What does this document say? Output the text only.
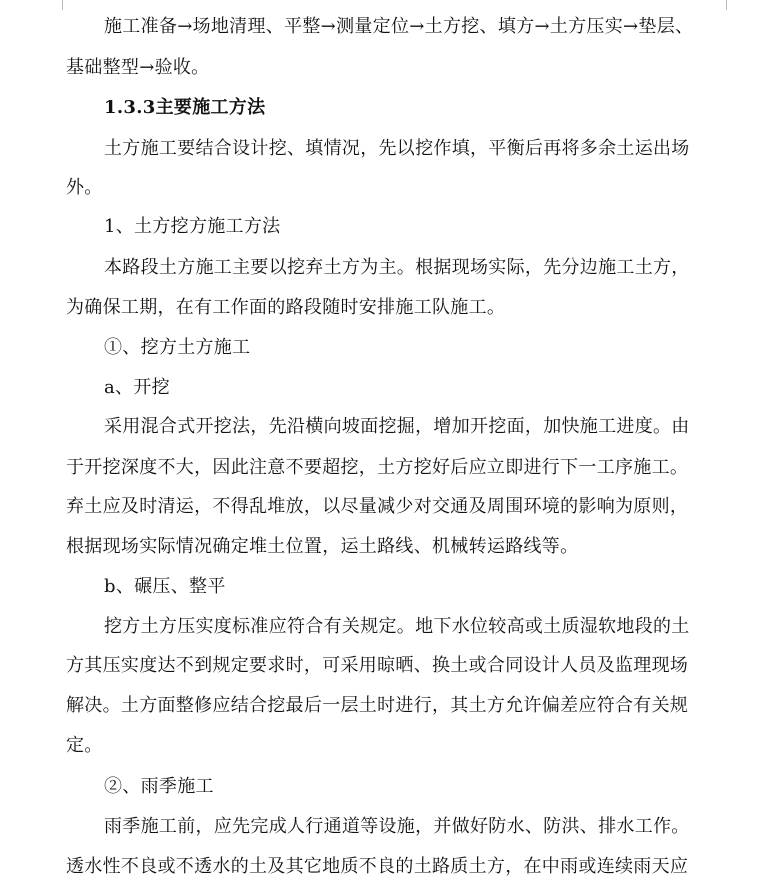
施工准备→场地清理、平整→测量定位→土方挖、填方→土方压实→垫层、
基础整型→验收。
1.3.3主要施工方法
土方施工要结合设计挖、填情况，先以挖作填，平衡后再将多余土运出场
外。
1、土方挖方施工方法
本路段土方施工主要以挖弃土方为主。根据现场实际，先分边施工土方，
为确保工期，在有工作面的路段随时安排施工队施工。
①、挖方土方施工
a、开挖
采用混合式开挖法，先沿横向坡面挖掘，增加开挖面，加快施工进度。由
于开挖深度不大，因此注意不要超挖，土方挖好后应立即进行下一工序施工。
弃土应及时清运，不得乱堆放，以尽量减少对交通及周围环境的影响为原则，
根据现场实际情况确定堆土位置，运土路线、机械转运路线等。
b、碾压、整平
挖方土方压实度标准应符合有关规定。地下水位较高或土质湿软地段的土
方其压实度达不到规定要求时，可采用晾晒、换土或合同设计人员及监理现场
解决。土方面整修应结合挖最后一层土时进行，其土方允许偏差应符合有关规
定。
②、雨季施工
雨季施工前，应先完成人行通道等设施，并做好防水、防洪、排水工作。
透水性不良或不透水的土及其它地质不良的土路质土方，在中雨或连续雨天应
